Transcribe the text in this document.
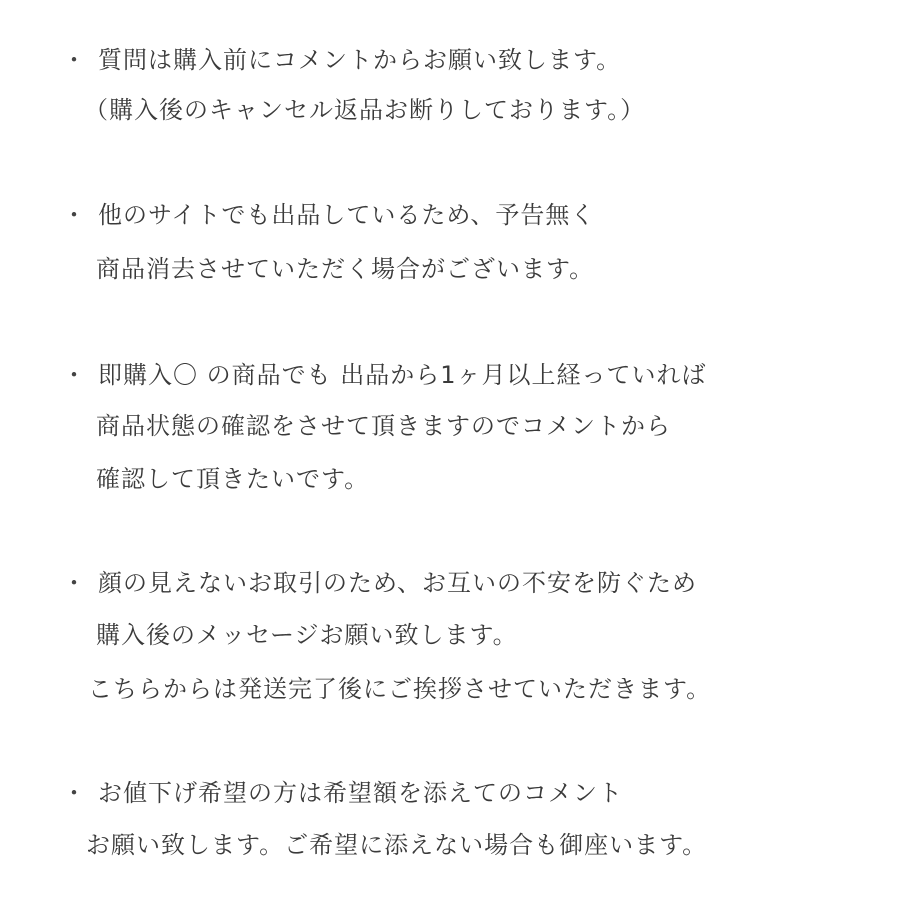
・ 質問は購入前にコメントからお願い致します。
（購入後のキャンセル返品お断りしております。）
・ 他のサイトでも出品しているため、予告無く
商品消去させていただく場合がございます。
・ 即購入〇 の商品でも 出品から1ヶ月以上経っていれば
商品状態の確認をさせて頂きますのでコメントから
確認して頂きたいです。
・ 顔の見えないお取引のため、お互いの不安を防ぐため
購入後のメッセージお願い致します。
こちらからは発送完了後にご挨拶させていただきます。
・ お値下げ希望の方は希望額を添えてのコメント
お願い致します。ご希望に添えない場合も御座います。
